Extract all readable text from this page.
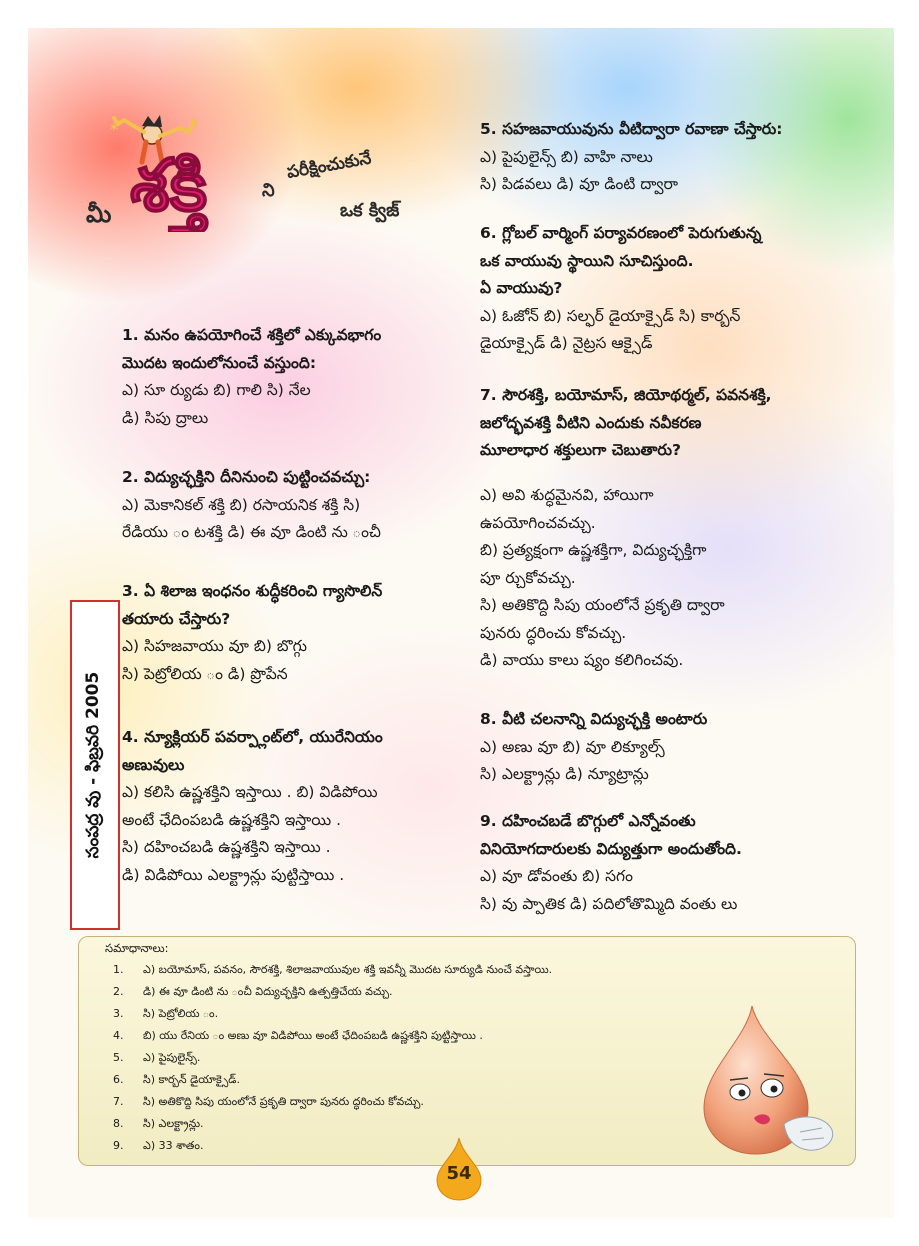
✶	✶
మీ శక్తి	ని
పరీక్షించుకునే
ఒక క్విజ్
1. మనం ఉపయోగించే శక్తిలో ఎక్కువభాగం
మొదట ఇందులోనుంచే వస్తుంది:
ఎ) సూ ర్యుడు బి) గాలి సి) నేల
డి) సిపు ద్రాలు
2. విద్యుచ్ఛక్తిని దీనినుంచి పుట్టించవచ్చు:
ఎ) మెకానికల్ శక్తి బి) రసాయనిక శక్తి సి)
రేడియు ం టశక్తి డి) ఈ వూ డింటి ను ంచీ
3. ఏ శిలాజ ఇంధనం శుద్ధీకరించి గ్యాసొలిన్
తయారు చేస్తారు?
ఎ) సిహజవాయు వూ బి) బొగ్గు
సి) పెట్రోలియ ం డి) ప్రొపేన
4. న్యూక్లియర్ పవర్ప్లాంట్‌లో, యురేనియం
అణువులు
ఎ) కలిసి ఉష్ణశక్తిని ఇస్తాయి . బి) విడిపోయి
అంటే ఛేదింపబడి ఉష్ణశక్తిని ఇస్తాయి .
సి) దహించబడి ఉష్ణశక్తిని ఇస్తాయి .
డి) విడిపోయి ఎలక్ట్రాన్లు పుట్టిస్తాయి .
సంపద్ర వు - ఫిబ్రవరి 2005
5. సహజవాయువును వీటిద్వారా రవాణా చేస్తారు:
ఎ) పైపులైన్స్ బి) వాహి నాలు
సి) పిడవలు డి) వూ డింటి ద్వారా
6. గ్లోబల్ వార్మింగ్ పర్యావరణంలో పెరుగుతున్న
ఒక వాయువు స్థాయిని సూచిస్తుంది.
ఏ వాయువు?
ఎ) ఓజోన్ బి) సల్ఫర్ డైయాక్సైడ్ సి) కార్బన్
డైయాక్సైడ్ డి) నైట్రస ఆక్సైడ్
7. సౌరశక్తి, బయోమాస్, జియోథర్మల్, పవనశక్తి,
జలోద్భవశక్తి వీటిని ఎందుకు నవీకరణ
మూలాధార శక్తులుగా చెబుతారు?
ఎ) అవి శుద్ధమైనవి, హాయిగా
ఉపయోగించవచ్చు.
బి) ప్రత్యక్షంగా ఉష్ణశక్తిగా, విద్యుచ్ఛక్తిగా
పూ ర్చుకోవచ్చు.
సి) అతికొద్ది సిపు యంలోనే ప్రకృతి ద్వారా
పునరు ద్ధరించు కోవచ్చు.
డి) వాయు కాలు ష్యం కలిగించవు.
8. వీటి చలనాన్ని విద్యుచ్ఛక్తి అంటారు
ఎ) అణు వూ బి) వూ లిక్యూల్స్
సి) ఎలక్ట్రాన్లు డి) న్యూట్రాన్లు
9. దహించబడే బొగ్గులో ఎన్నోవంతు
వినియోగదారులకు విద్యుత్తుగా అందుతోంది.
ఎ) వూ డోవంతు బి) సగం
సి) వు ప్పాతిక డి) పదిలోతొమ్మిది వంతు లు
సమాధానాలు:
1. ఎ) బయోమాస్, పవనం, సౌరశక్తి, శిలాజవాయువుల శక్తి ఇవన్నీ మొదట సూర్యుడి నుంచే వస్తాయి.
2. డి) ఈ వూ డింటి ను ంచీ విద్యుచ్ఛక్తిని ఉత్పత్తిచేయ వచ్చు.
3. సి) పెట్రోలియ ం.
4. బి) యు రేనియ ం అణు వూ విడిపోయి అంటే ఛేదింపబడి ఉష్ణశక్తిని పుట్టిస్తాయి .
5. ఎ) పైపులైన్స్.
6. సి) కార్బన్ డైయాక్సైడ్.
7. సి) అతికొద్ది సిపు యంలోనే ప్రకృతి ద్వారా పునరు ద్ధరించు కోవచ్చు.
8. సి) ఎలక్ట్రాన్లు.
9. ఎ) 33 శాతం.
54
